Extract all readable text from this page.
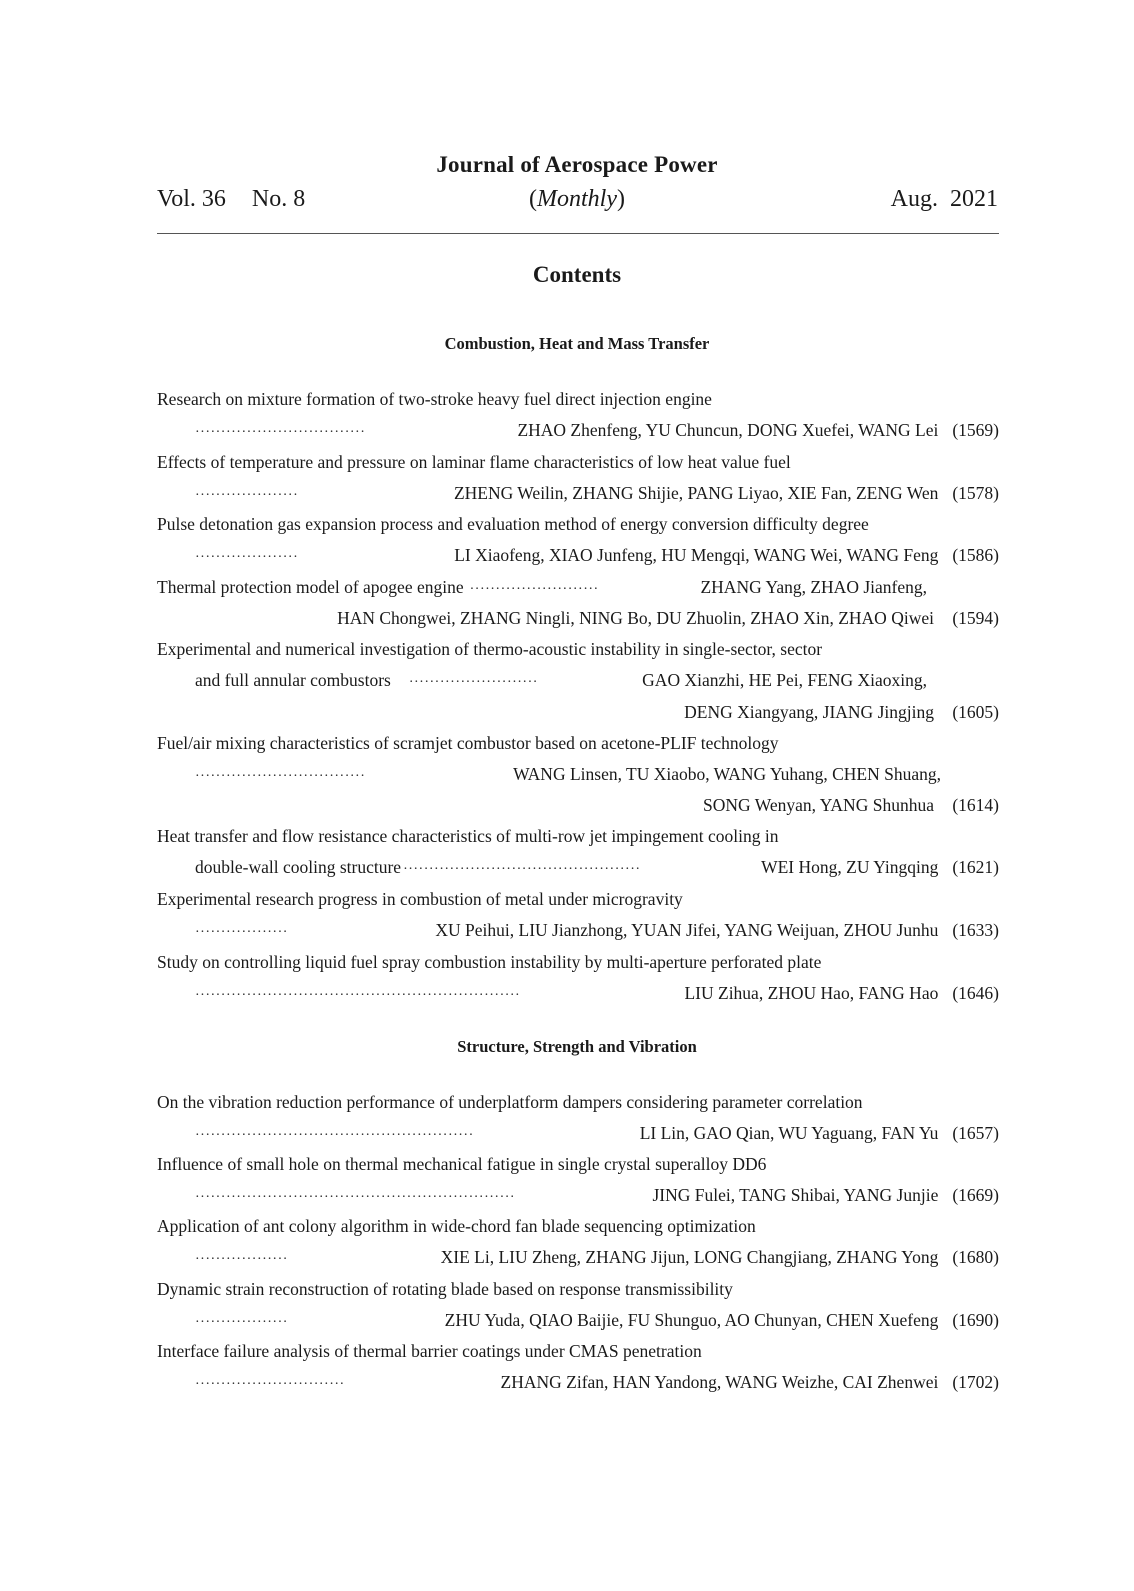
Journal of Aerospace Power
Vol. 36 No. 8	(Monthly)	Aug. 2021
Contents
Combustion, Heat and Mass Transfer
Research on mixture formation of two-stroke heavy fuel direct injection engine
·································	ZHAO Zhenfeng, YU Chuncun, DONG Xuefei, WANG Lei (1569)
Effects of temperature and pressure on laminar flame characteristics of low heat value fuel
····················	ZHENG Weilin, ZHANG Shijie, PANG Liyao, XIE Fan, ZENG Wen (1578)
Pulse detonation gas expansion process and evaluation method of energy conversion difficulty degree
····················	LI Xiaofeng, XIAO Junfeng, HU Mengqi, WANG Wei, WANG Feng (1586)
Thermal protection model of apogee engine ·························	ZHANG Yang, ZHAO Jianfeng,
HAN Chongwei, ZHANG Ningli, NING Bo, DU Zhuolin, ZHAO Xin, ZHAO Qiwei (1594)
Experimental and numerical investigation of thermo-acoustic instability in single-sector, sector
and full annular combustors ·························	GAO Xianzhi, HE Pei, FENG Xiaoxing,
DENG Xiangyang, JIANG Jingjing (1605)
Fuel/air mixing characteristics of scramjet combustor based on acetone-PLIF technology
·································	WANG Linsen, TU Xiaobo, WANG Yuhang, CHEN Shuang,
SONG Wenyan, YANG Shunhua (1614)
Heat transfer and flow resistance characteristics of multi-row jet impingement cooling in
double-wall cooling structure ··············································	WEI Hong, ZU Yingqing (1621)
Experimental research progress in combustion of metal under microgravity
··················	XU Peihui, LIU Jianzhong, YUAN Jifei, YANG Weijuan, ZHOU Junhu (1633)
Study on controlling liquid fuel spray combustion instability by multi-aperture perforated plate
·······························································	LIU Zihua, ZHOU Hao, FANG Hao (1646)
Structure, Strength and Vibration
On the vibration reduction performance of underplatform dampers considering parameter correlation
······················································	LI Lin, GAO Qian, WU Yaguang, FAN Yu (1657)
Influence of small hole on thermal mechanical fatigue in single crystal superalloy DD6
······························································	JING Fulei, TANG Shibai, YANG Junjie (1669)
Application of ant colony algorithm in wide-chord fan blade sequencing optimization
··················	XIE Li, LIU Zheng, ZHANG Jijun, LONG Changjiang, ZHANG Yong (1680)
Dynamic strain reconstruction of rotating blade based on response transmissibility
··················	ZHU Yuda, QIAO Baijie, FU Shunguo, AO Chunyan, CHEN Xuefeng (1690)
Interface failure analysis of thermal barrier coatings under CMAS penetration
·····························	ZHANG Zifan, HAN Yandong, WANG Weizhe, CAI Zhenwei (1702)
